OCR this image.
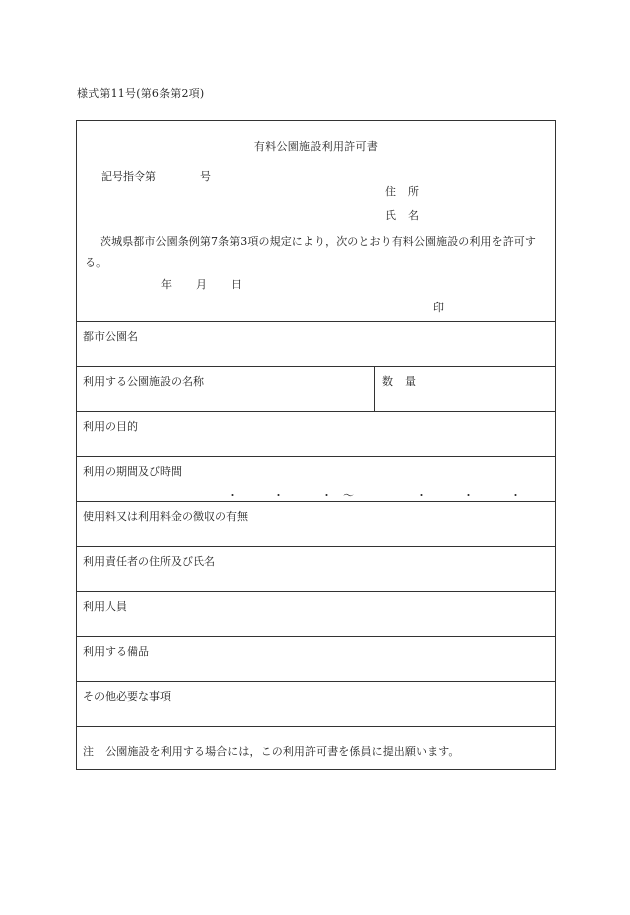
様式第11号(第6条第2項)
有料公園施設利用許可書
記号指令第	号
住 所
氏 名
茨城県都市公園条例第7条第3項の規定により，次のとおり有料公園施設の利用を許可する。
年 月 日
印
都市公園名
利用する公園施設の名称	数 量
利用の目的
利用の期間及び時間
・	・	・ 〜	・	・	・
使用料又は利用料金の徴収の有無
利用責任者の住所及び氏名
利用人員
利用する備品
その他必要な事項
注　公園施設を利用する場合には，この利用許可書を係員に提出願います。
